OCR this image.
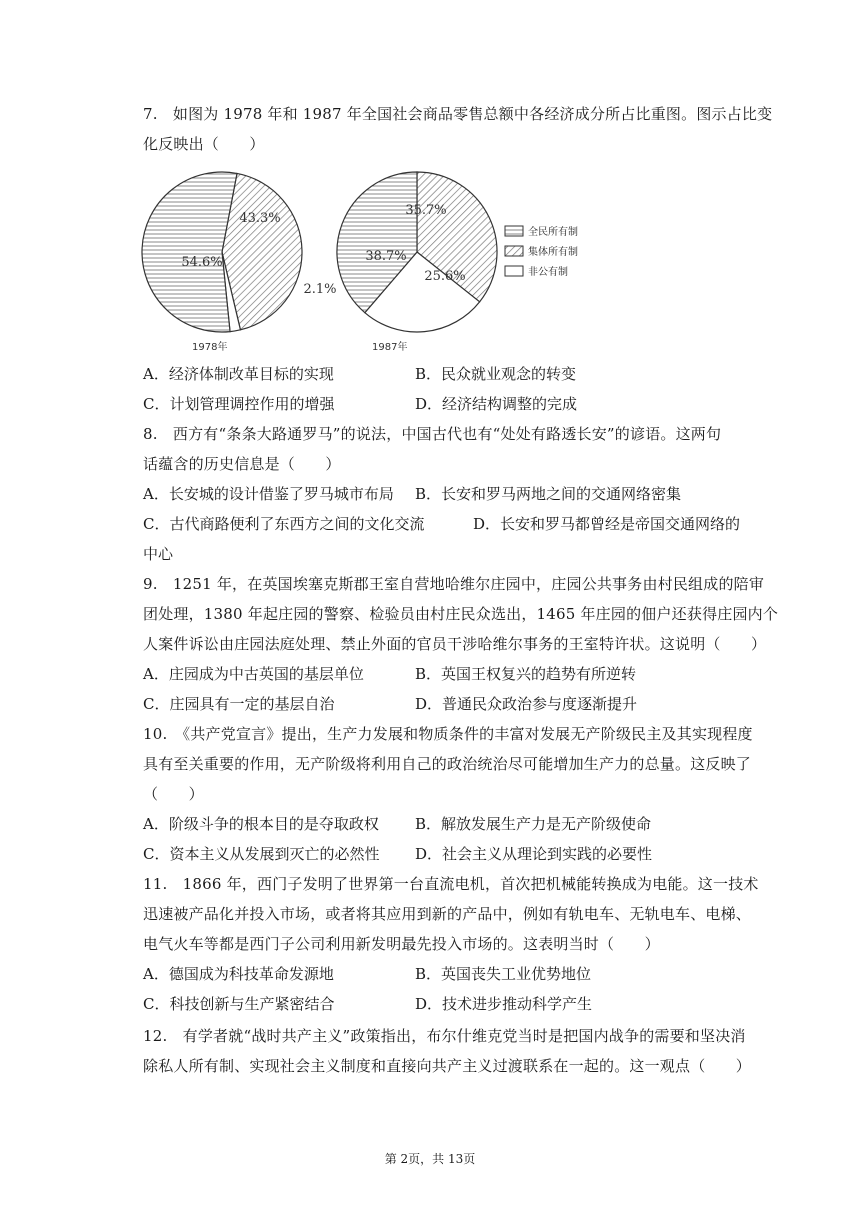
7.　如图为 1978 年和 1987 年全国社会商品零售总额中各经济成分所占比重图。图示占比变
化反映出（　　）
54.6%
43.3%
2.1%
1978年
38.7%
35.7%
25.6%
1987年
全民所有制
集体所有制
非公有制
A．经济体制改革目标的实现	B．民众就业观念的转变
C．计划管理调控作用的增强	D．经济结构调整的完成
8.　西方有“条条大路通罗马”的说法，中国古代也有“处处有路透长安”的谚语。这两句
话蕴含的历史信息是（　　）
A．长安城的设计借鉴了罗马城市布局 B．长安和罗马两地之间的交通网络密集
C．古代商路便利了东西方之间的文化交流	D．长安和罗马都曾经是帝国交通网络的
中心
9.　1251 年，在英国埃塞克斯郡王室自营地哈维尔庄园中，庄园公共事务由村民组成的陪审
团处理，1380 年起庄园的警察、检验员由村庄民众选出，1465 年庄园的佃户还获得庄园内个
人案件诉讼由庄园法庭处理、禁止外面的官员干涉哈维尔事务的王室特许状。这说明（　　）
A．庄园成为中古英国的基层单位	B．英国王权复兴的趋势有所逆转
C．庄园具有一定的基层自治	D．普通民众政治参与度逐渐提升
10.　《共产党宣言》提出，生产力发展和物质条件的丰富对发展无产阶级民主及其实现程度
具有至关重要的作用，无产阶级将利用自己的政治统治尽可能增加生产力的总量。这反映了
（　　）
A．阶级斗争的根本目的是夺取政权 B．解放发展生产力是无产阶级使命
C．资本主义从发展到灭亡的必然性 D．社会主义从理论到实践的必要性
11.　1866 年，西门子发明了世界第一台直流电机，首次把机械能转换成为电能。这一技术
迅速被产品化并投入市场，或者将其应用到新的产品中，例如有轨电车、无轨电车、电梯、
电气火车等都是西门子公司利用新发明最先投入市场的。这表明当时（　　）
A．德国成为科技革命发源地	B．英国丧失工业优势地位
C．科技创新与生产紧密结合	D．技术进步推动科学产生
12.　有学者就“战时共产主义”政策指出，布尔什维克党当时是把国内战争的需要和坚决消
除私人所有制、实现社会主义制度和直接向共产主义过渡联系在一起的。这一观点（　　）
第 2页，共 13页
